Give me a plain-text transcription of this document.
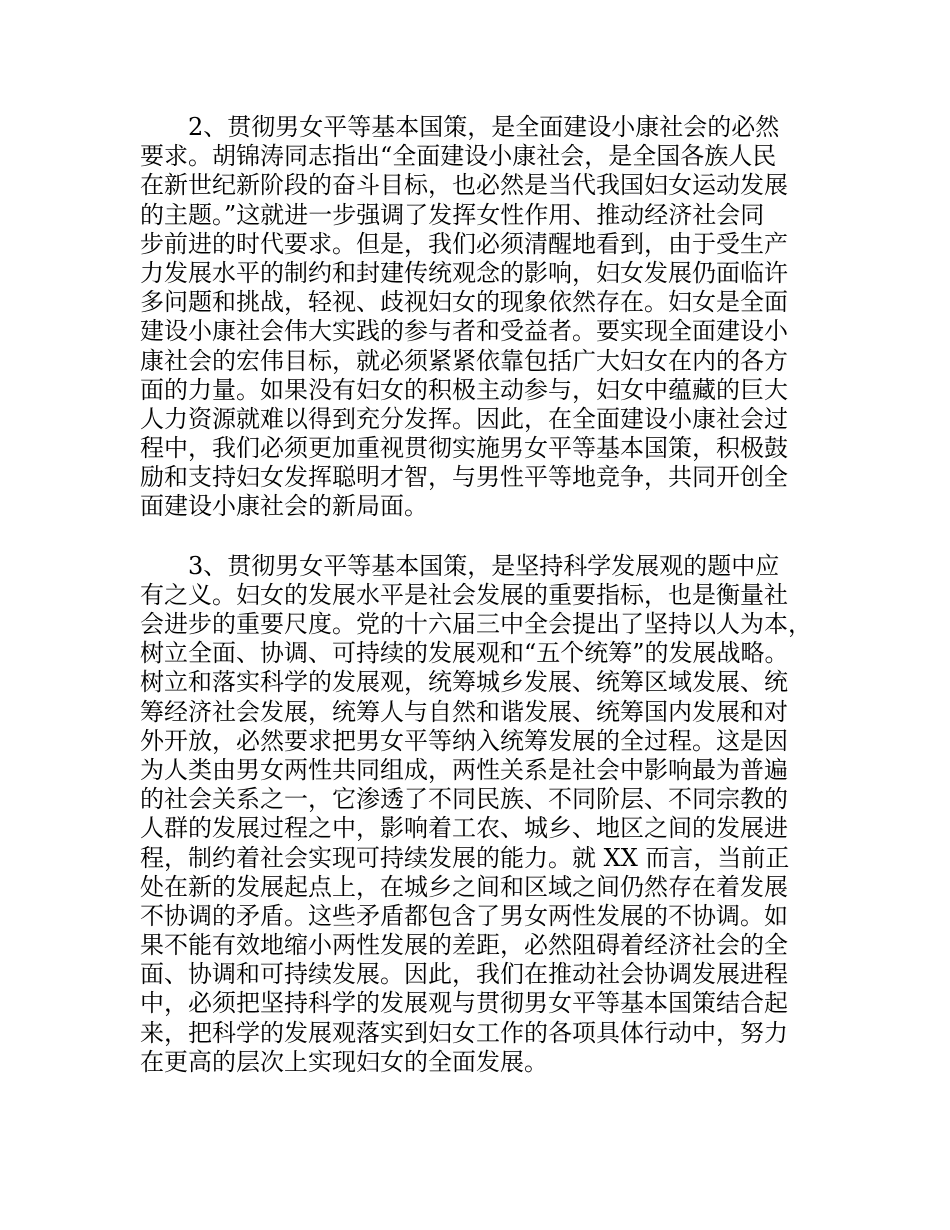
2、贯彻男女平等基本国策，是全面建设小康社会的必然
要求。胡锦涛同志指出“全面建设小康社会，是全国各族人民
在新世纪新阶段的奋斗目标，也必然是当代我国妇女运动发展
的主题。”这就进一步强调了发挥女性作用、推动经济社会同
步前进的时代要求。但是，我们必须清醒地看到，由于受生产
力发展水平的制约和封建传统观念的影响，妇女发展仍面临许
多问题和挑战，轻视、歧视妇女的现象依然存在。妇女是全面
建设小康社会伟大实践的参与者和受益者。要实现全面建设小
康社会的宏伟目标，就必须紧紧依靠包括广大妇女在内的各方
面的力量。如果没有妇女的积极主动参与，妇女中蕴藏的巨大
人力资源就难以得到充分发挥。因此，在全面建设小康社会过
程中，我们必须更加重视贯彻实施男女平等基本国策，积极鼓
励和支持妇女发挥聪明才智，与男性平等地竞争，共同开创全
面建设小康社会的新局面。
3、贯彻男女平等基本国策，是坚持科学发展观的题中应
有之义。妇女的发展水平是社会发展的重要指标，也是衡量社
会进步的重要尺度。党的十六届三中全会提出了坚持以人为本，
树立全面、协调、可持续的发展观和“五个统筹”的发展战略。
树立和落实科学的发展观，统筹城乡发展、统筹区域发展、统
筹经济社会发展，统筹人与自然和谐发展、统筹国内发展和对
外开放，必然要求把男女平等纳入统筹发展的全过程。这是因
为人类由男女两性共同组成，两性关系是社会中影响最为普遍
的社会关系之一，它渗透了不同民族、不同阶层、不同宗教的
人群的发展过程之中，影响着工农、城乡、地区之间的发展进
程，制约着社会实现可持续发展的能力。就 XX 而言，当前正
处在新的发展起点上，在城乡之间和区域之间仍然存在着发展
不协调的矛盾。这些矛盾都包含了男女两性发展的不协调。如
果不能有效地缩小两性发展的差距，必然阻碍着经济社会的全
面、协调和可持续发展。因此，我们在推动社会协调发展进程
中，必须把坚持科学的发展观与贯彻男女平等基本国策结合起
来，把科学的发展观落实到妇女工作的各项具体行动中，努力
在更高的层次上实现妇女的全面发展。
